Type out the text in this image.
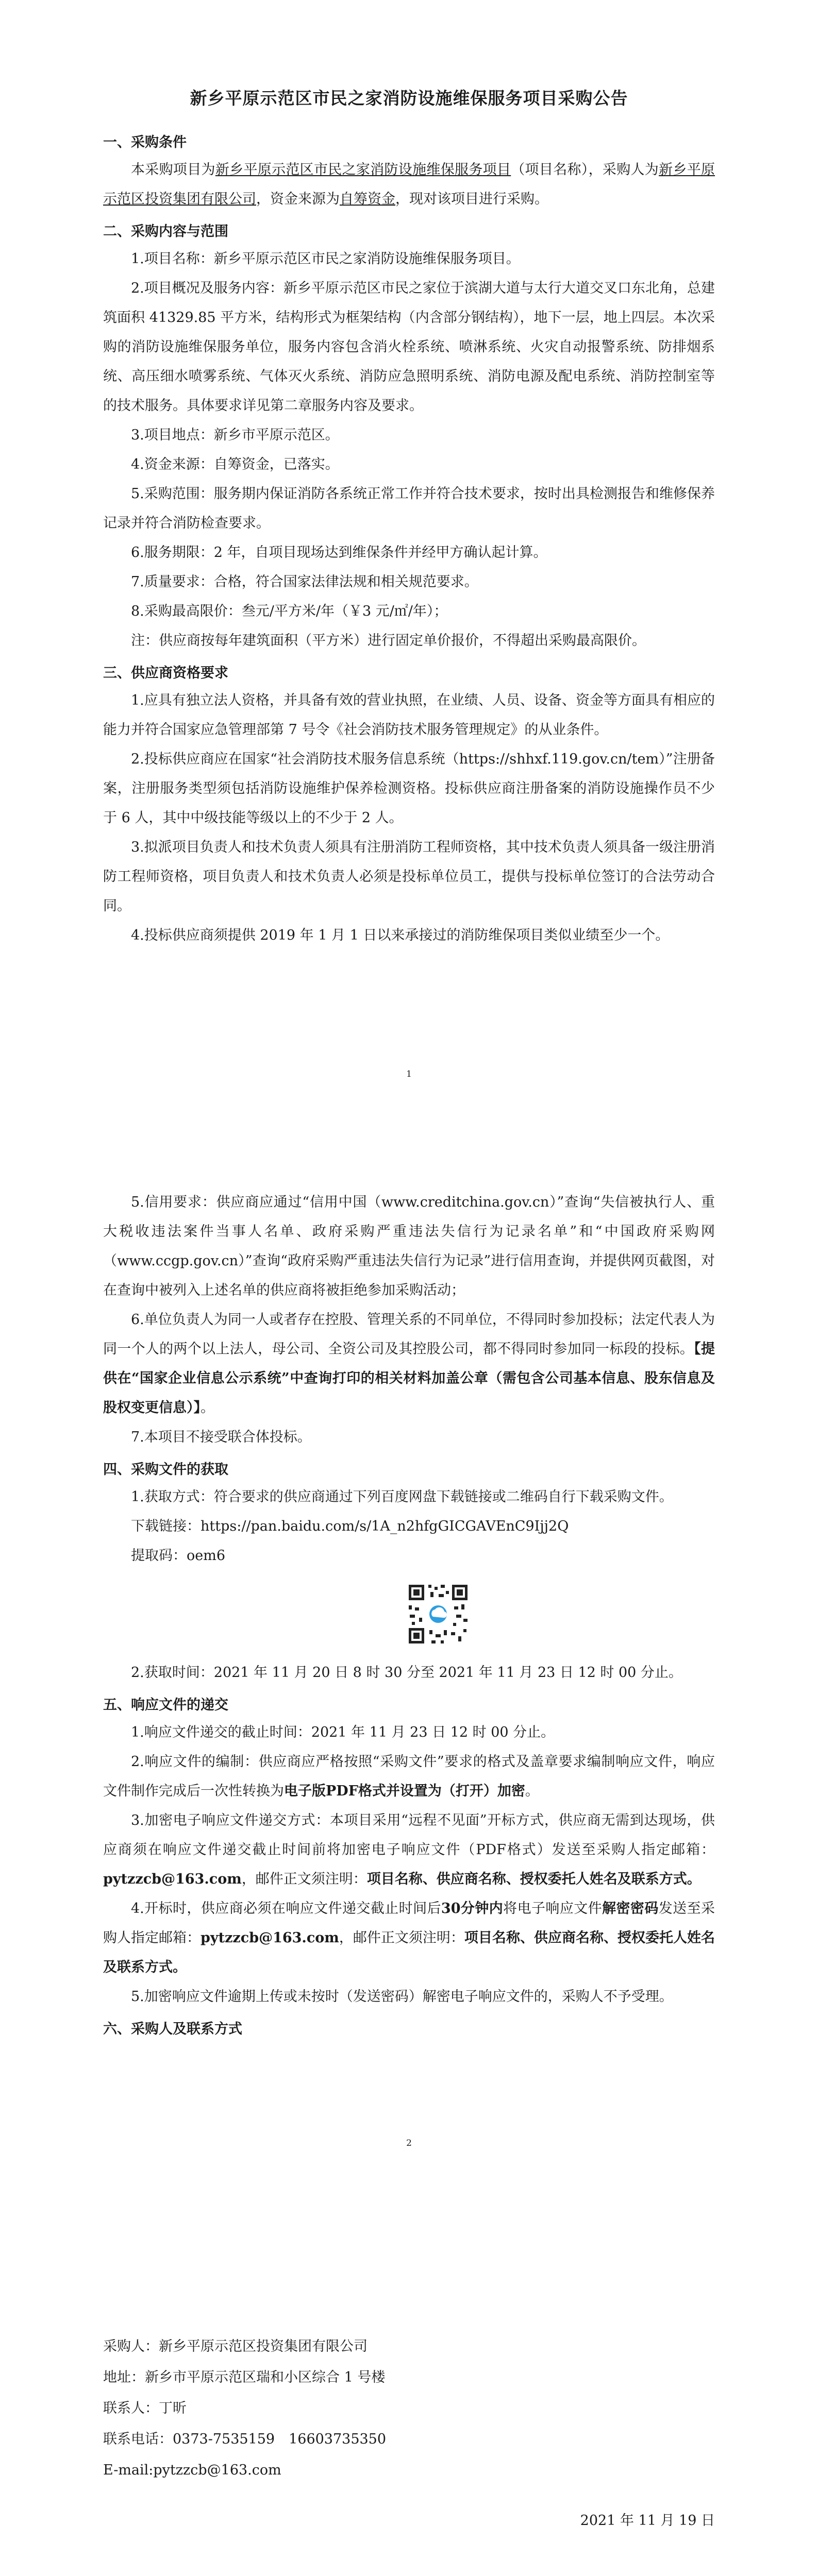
新乡平原示范区市民之家消防设施维保服务项目采购公告

一、采购条件

本采购项目为新乡平原示范区市民之家消防设施维保服务项目（项目名称），采购人为新乡平原示范区投资集团有限公司，资金来源为自筹资金，现对该项目进行采购。

二、采购内容与范围

1.项目名称：新乡平原示范区市民之家消防设施维保服务项目。

2.项目概况及服务内容：新乡平原示范区市民之家位于滨湖大道与太行大道交叉口东北角，总建筑面积 41329.85 平方米，结构形式为框架结构（内含部分钢结构），地下一层，地上四层。本次采购的消防设施维保服务单位，服务内容包含消火栓系统、喷淋系统、火灾自动报警系统、防排烟系统、高压细水喷雾系统、气体灭火系统、消防应急照明系统、消防电源及配电系统、消防控制室等的技术服务。具体要求详见第二章服务内容及要求。

3.项目地点：新乡市平原示范区。

4.资金来源：自筹资金，已落实。

5.采购范围：服务期内保证消防各系统正常工作并符合技术要求，按时出具检测报告和维修保养记录并符合消防检查要求。

6.服务期限：2 年，自项目现场达到维保条件并经甲方确认起计算。

7.质量要求：合格，符合国家法律法规和相关规范要求。

8.采购最高限价：叁元/平方米/年（￥3 元/㎡/年）；

注：供应商按每年建筑面积（平方米）进行固定单价报价，不得超出采购最高限价。

三、供应商资格要求

1.应具有独立法人资格，并具备有效的营业执照，在业绩、人员、设备、资金等方面具有相应的能力并符合国家应急管理部第 7 号令《社会消防技术服务管理规定》的从业条件。

2.投标供应商应在国家“社会消防技术服务信息系统（https://shhxf.119.gov.cn/tem）”注册备案，注册服务类型须包括消防设施维护保养检测资格。投标供应商注册备案的消防设施操作员不少于 6 人，其中中级技能等级以上的不少于 2 人。

3.拟派项目负责人和技术负责人须具有注册消防工程师资格，其中技术负责人须具备一级注册消防工程师资格，项目负责人和技术负责人必须是投标单位员工，提供与投标单位签订的合法劳动合同。

4.投标供应商须提供 2019 年 1 月 1 日以来承接过的消防维保项目类似业绩至少一个。

1

5.信用要求：供应商应通过“信用中国（www.creditchina.gov.cn）”查询“失信被执行人、重大税收违法案件当事人名单、政府采购严重违法失信行为记录名单”和“中国政府采购网（www.ccgp.gov.cn）”查询“政府采购严重违法失信行为记录”进行信用查询，并提供网页截图，对在查询中被列入上述名单的供应商将被拒绝参加采购活动；

6.单位负责人为同一人或者存在控股、管理关系的不同单位，不得同时参加投标；法定代表人为同一个人的两个以上法人，母公司、全资公司及其控股公司，都不得同时参加同一标段的投标。【提供在“国家企业信息公示系统”中查询打印的相关材料加盖公章（需包含公司基本信息、股东信息及股权变更信息）】。

7.本项目不接受联合体投标。

四、采购文件的获取

1.获取方式：符合要求的供应商通过下列百度网盘下载链接或二维码自行下载采购文件。

下载链接：https://pan.baidu.com/s/1A_n2hfgGICGAVEnC9Ijj2Q

提取码：oem6

2.获取时间：2021 年 11 月 20 日 8 时 30 分至 2021 年 11 月 23 日 12 时 00 分止。

五、响应文件的递交

1.响应文件递交的截止时间：2021 年 11 月 23 日 12 时 00 分止。

2.响应文件的编制：供应商应严格按照“采购文件”要求的格式及盖章要求编制响应文件，响应文件制作完成后一次性转换为电子版PDF格式并设置为（打开）加密。

3.加密电子响应文件递交方式：本项目采用“远程不见面”开标方式，供应商无需到达现场，供应商须在响应文件递交截止时间前将加密电子响应文件（PDF格式）发送至采购人指定邮箱：pytzzcb@163.com，邮件正文须注明：项目名称、供应商名称、授权委托人姓名及联系方式。

4.开标时，供应商必须在响应文件递交截止时间后30分钟内将电子响应文件解密密码发送至采购人指定邮箱：pytzzcb@163.com，邮件正文须注明：项目名称、供应商名称、授权委托人姓名及联系方式。

5.加密响应文件逾期上传或未按时（发送密码）解密电子响应文件的，采购人不予受理。

六、采购人及联系方式

2

采购人：新乡平原示范区投资集团有限公司

地址：新乡市平原示范区瑞和小区综合 1 号楼

联系人：丁昕

联系电话：0373-7535159　16603735350

E-mail:pytzzcb@163.com

2021 年 11 月 19 日
